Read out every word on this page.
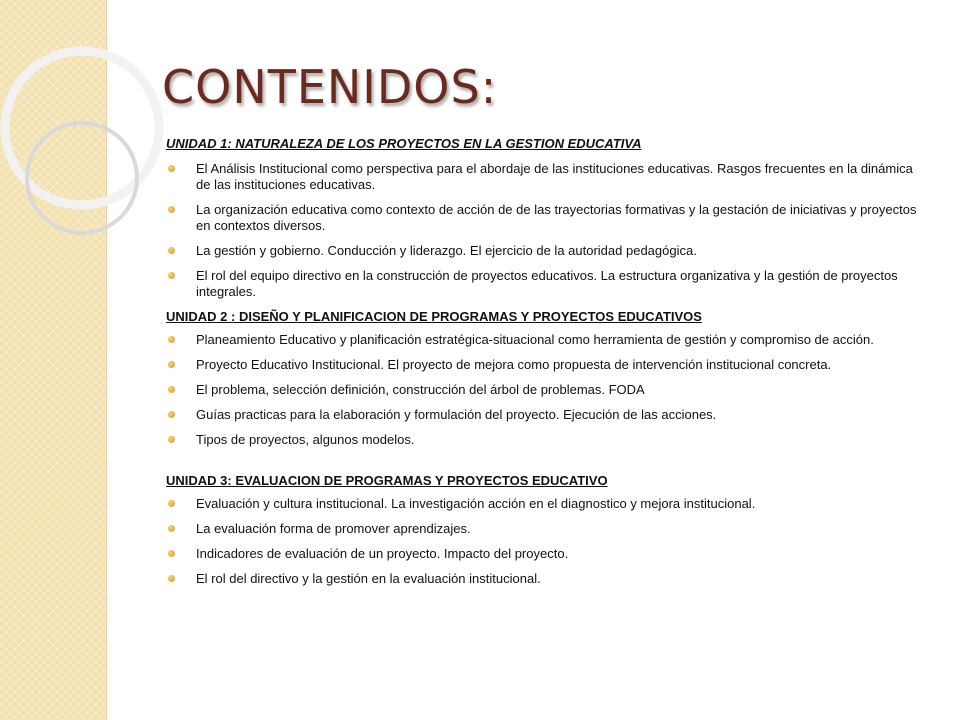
CONTENIDOS:

UNIDAD 1: NATURALEZA DE LOS PROYECTOS EN LA GESTION EDUCATIVA

El Análisis Institucional como perspectiva para el abordaje de las instituciones educativas. Rasgos frecuentes en la dinámica de las instituciones educativas.
La organización educativa como contexto de acción de de las trayectorias formativas y la gestación de iniciativas y proyectos en contextos diversos.
La gestión y gobierno. Conducción y liderazgo. El ejercicio de la autoridad pedagógica.
El rol del equipo directivo en la construcción de proyectos educativos. La estructura organizativa y la gestión de proyectos integrales.

UNIDAD 2 : DISEÑO Y PLANIFICACION DE PROGRAMAS Y PROYECTOS EDUCATIVOS

Planeamiento Educativo y planificación estratégica-situacional como herramienta de gestión y compromiso de acción.
Proyecto Educativo Institucional. El proyecto de mejora como propuesta de intervención institucional concreta.
El problema, selección definición, construcción del árbol de problemas. FODA
Guías practicas para la elaboración y formulación del proyecto. Ejecución de las acciones.
Tipos de proyectos, algunos modelos.

UNIDAD 3: EVALUACION DE PROGRAMAS Y PROYECTOS EDUCATIVO

Evaluación y cultura institucional. La investigación acción en el diagnostico y mejora institucional.
La evaluación forma de promover aprendizajes.
Indicadores de evaluación de un proyecto. Impacto del proyecto.
El rol del directivo y la gestión en la evaluación institucional.
